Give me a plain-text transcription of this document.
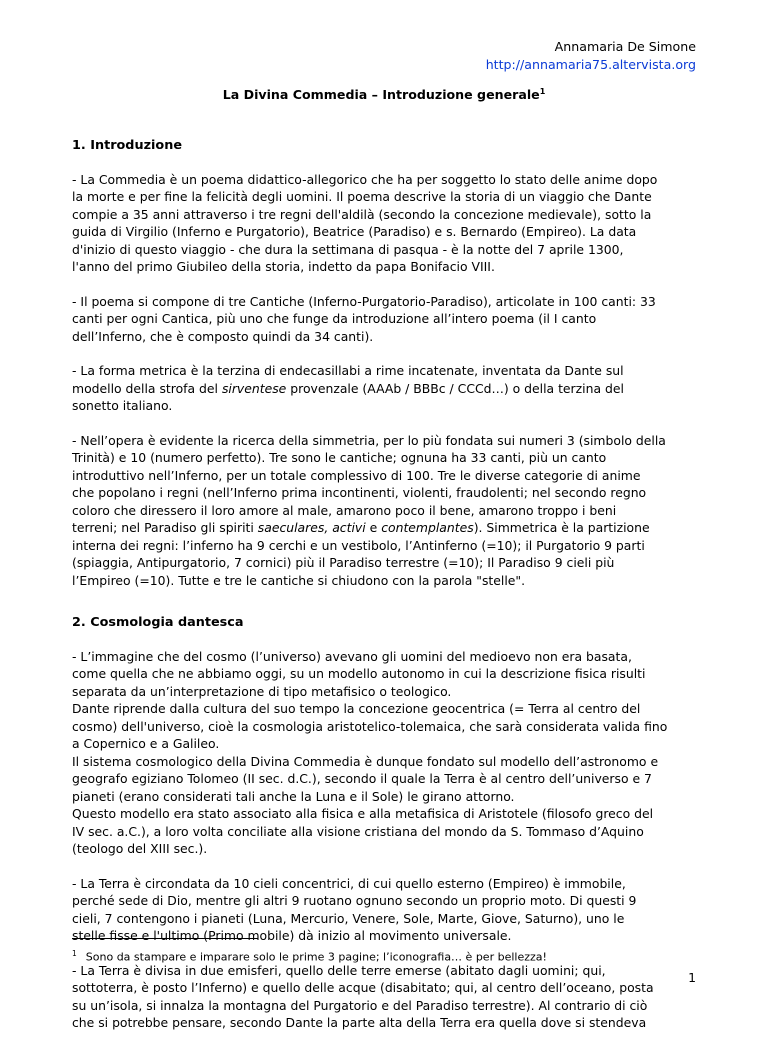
Annamaria De Simone
http://annamaria75.altervista.org
La Divina Commedia – Introduzione generale$^1$
1. Introduzione

- La Commedia è un poema didattico-allegorico che ha per soggetto lo stato delle anime dopo
la morte e per fine la felicità degli uomini. Il poema descrive la storia di un viaggio che Dante
compie a 35 anni attraverso i tre regni dell'aldilà (secondo la concezione medievale), sotto la
guida di Virgilio (Inferno e Purgatorio), Beatrice (Paradiso) e s. Bernardo (Empireo). La data
d'inizio di questo viaggio - che dura la settimana di pasqua - è la notte del 7 aprile 1300,
l'anno del primo Giubileo della storia, indetto da papa Bonifacio VIII.

- Il poema si compone di tre Cantiche (Inferno-Purgatorio-Paradiso), articolate in 100 canti: 33
canti per ogni Cantica, più uno che funge da introduzione all’intero poema (il I canto
dell’Inferno, che è composto quindi da 34 canti).

- La forma metrica è la terzina di endecasillabi a rime incatenate, inventata da Dante sul
modello della strofa del sirventese provenzale (AAAb / BBBc / CCCd…) o della terzina del
sonetto italiano.

- Nell’opera è evidente la ricerca della simmetria, per lo più fondata sui numeri 3 (simbolo della
Trinità) e 10 (numero perfetto). Tre sono le cantiche; ognuna ha 33 canti, più un canto
introduttivo nell’Inferno, per un totale complessivo di 100. Tre le diverse categorie di anime
che popolano i regni (nell’Inferno prima incontinenti, violenti, fraudolenti; nel secondo regno
coloro che diressero il loro amore al male, amarono poco il bene, amarono troppo i beni
terreni; nel Paradiso gli spiriti saeculares, activi e contemplantes). Simmetrica è la partizione
interna dei regni: l’inferno ha 9 cerchi e un vestibolo, l’Antinferno (=10); il Purgatorio 9 parti
(spiaggia, Antipurgatorio, 7 cornici) più il Paradiso terrestre (=10); Il Paradiso 9 cieli più
l’Empireo (=10). Tutte e tre le cantiche si chiudono con la parola "stelle".

2. Cosmologia dantesca

- L’immagine che del cosmo (l’universo) avevano gli uomini del medioevo non era basata,
come quella che ne abbiamo oggi, su un modello autonomo in cui la descrizione fisica risulti
separata da un’interpretazione di tipo metafisico o teologico.
Dante riprende dalla cultura del suo tempo la concezione geocentrica (= Terra al centro del
cosmo) dell'universo, cioè la cosmologia aristotelico-tolemaica, che sarà considerata valida fino
a Copernico e a Galileo.
Il sistema cosmologico della Divina Commedia è dunque fondato sul modello dell’astronomo e
geografo egiziano Tolomeo (II sec. d.C.), secondo il quale la Terra è al centro dell’universo e 7
pianeti (erano considerati tali anche la Luna e il Sole) le girano attorno.
Questo modello era stato associato alla fisica e alla metafisica di Aristotele (filosofo greco del
IV sec. a.C.), a loro volta conciliate alla visione cristiana del mondo da S. Tommaso d’Aquino
(teologo del XIII sec.).

- La Terra è circondata da 10 cieli concentrici, di cui quello esterno (Empireo) è immobile,
perché sede di Dio, mentre gli altri 9 ruotano ognuno secondo un proprio moto. Di questi 9
cieli, 7 contengono i pianeti (Luna, Mercurio, Venere, Sole, Marte, Giove, Saturno), uno le
stelle fisse e l'ultimo (Primo mobile) dà inizio al movimento universale.

- La Terra è divisa in due emisferi, quello delle terre emerse (abitato dagli uomini; qui,
sottoterra, è posto l’Inferno) e quello delle acque (disabitato; qui, al centro dell’oceano, posta
su un’isola, si innalza la montagna del Purgatorio e del Paradiso terrestre). Al contrario di ciò
che si potrebbe pensare, secondo Dante la parte alta della Terra era quella dove si stendeva

$^1$ Sono da stampare e imparare solo le prime 3 pagine; l’iconografia… è per bellezza!
1
